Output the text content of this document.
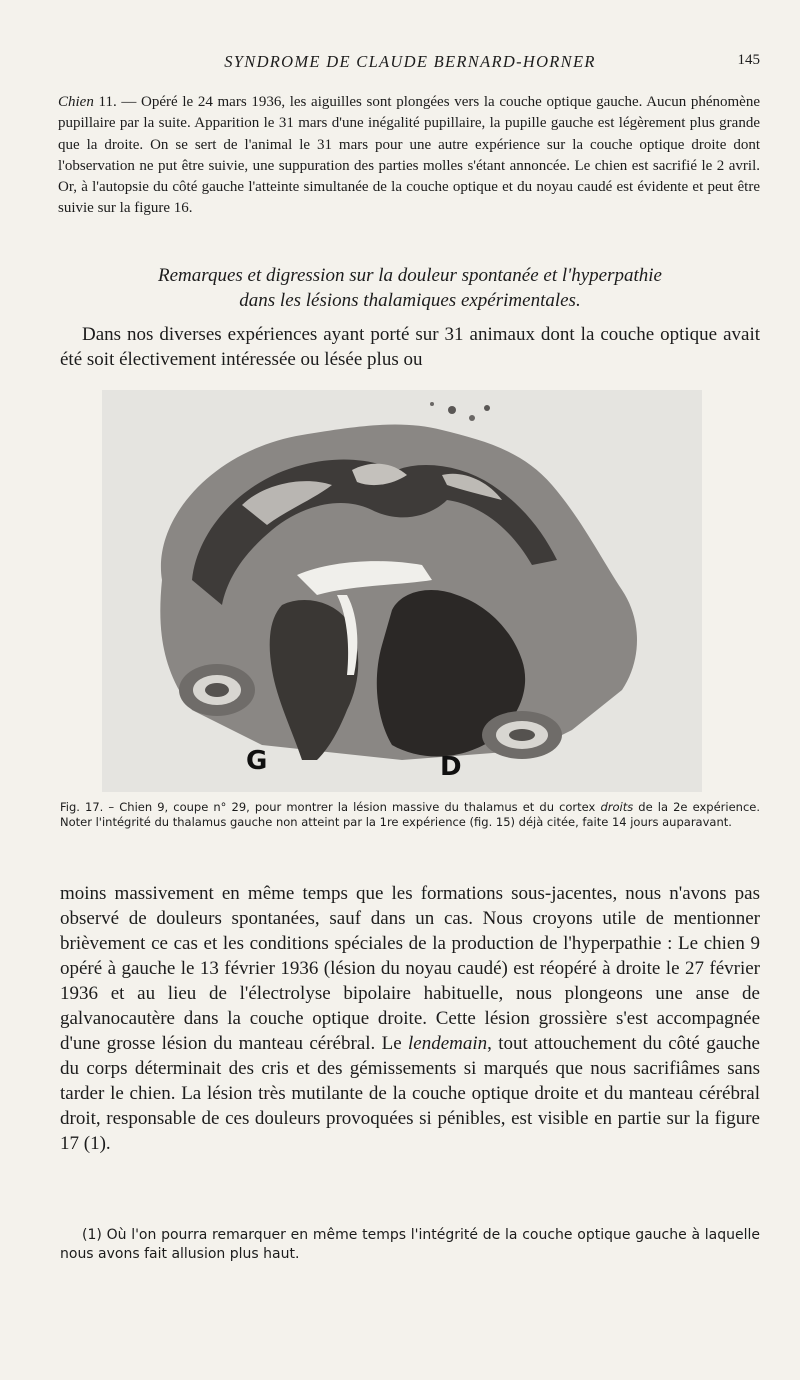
SYNDROME DE CLAUDE BERNARD-HORNER	145

Chien 11. — Opéré le 24 mars 1936, les aiguilles sont plongées vers la couche optique gauche. Aucun phénomène pupillaire par la suite. Apparition le 31 mars d'une inégalité pupillaire, la pupille gauche est légèrement plus grande que la droite. On se sert de l'animal le 31 mars pour une autre expérience sur la couche optique droite dont l'observation ne put être suivie, une suppuration des parties molles s'étant annoncée. Le chien est sacrifié le 2 avril. Or, à l'autopsie du côté gauche l'atteinte simultanée de la couche optique et du noyau caudé est évidente et peut être suivie sur la figure 16.

Remarques et digression sur la douleur spontanée et l'hyperpathie
dans les lésions thalamiques expérimentales.

Dans nos diverses expériences ayant porté sur 31 animaux dont la couche optique avait été soit électivement intéressée ou lésée plus ou

G	D

Fig. 17. – Chien 9, coupe n° 29, pour montrer la lésion massive du thalamus et du cortex droits de la 2e expérience. Noter l'intégrité du thalamus gauche non atteint par la 1re expérience (fig. 15) déjà citée, faite 14 jours auparavant.

moins massivement en même temps que les formations sous-jacentes, nous n'avons pas observé de douleurs spontanées, sauf dans un cas. Nous croyons utile de mentionner brièvement ce cas et les conditions spéciales de la production de l'hyperpathie : Le chien 9 opéré à gauche le 13 février 1936 (lésion du noyau caudé) est réopéré à droite le 27 février 1936 et au lieu de l'électrolyse bipolaire habituelle, nous plongeons une anse de galvanocautère dans la couche optique droite. Cette lésion grossière s'est accompagnée d'une grosse lésion du manteau cérébral. Le lendemain, tout attouchement du côté gauche du corps déterminait des cris et des gémissements si marqués que nous sacrifiâmes sans tarder le chien. La lésion très mutilante de la couche optique droite et du manteau cérébral droit, responsable de ces douleurs provoquées si pénibles, est visible en partie sur la figure 17 (1).

(1) Où l'on pourra remarquer en même temps l'intégrité de la couche optique gauche à laquelle nous avons fait allusion plus haut.
